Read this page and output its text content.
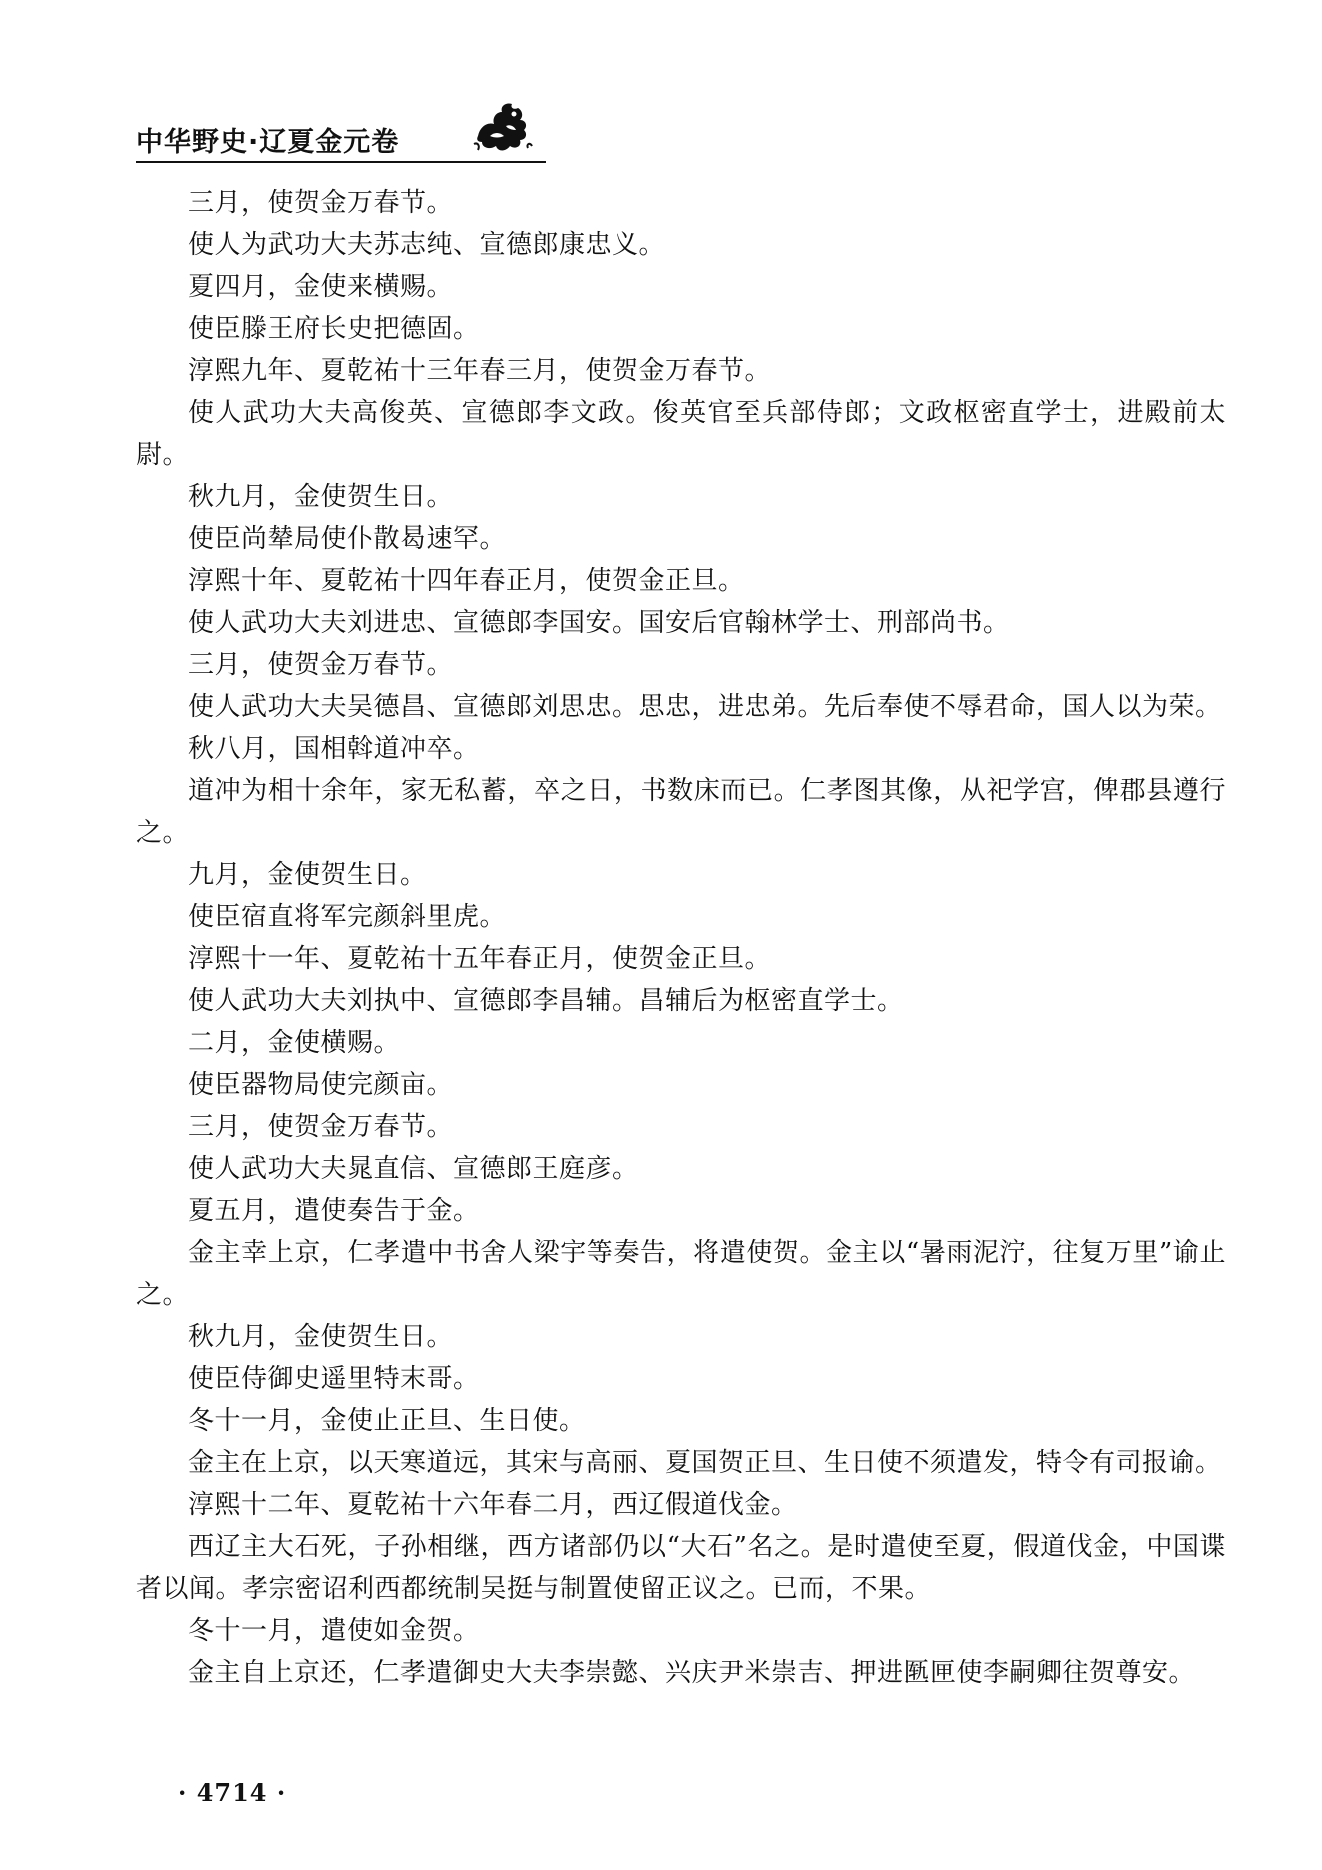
中华野史·辽夏金元卷

三月，使贺金万春节。

使人为武功大夫苏志纯、宣德郎康忠义。

夏四月，金使来横赐。

使臣滕王府长史把德固。

淳熙九年、夏乾祐十三年春三月，使贺金万春节。

使人武功大夫高俊英、宣德郎李文政。俊英官至兵部侍郎；文政枢密直学士，进殿前太尉。

秋九月，金使贺生日。

使臣尚辇局使仆散曷速罕。

淳熙十年、夏乾祐十四年春正月，使贺金正旦。

使人武功大夫刘进忠、宣德郎李国安。国安后官翰林学士、刑部尚书。

三月，使贺金万春节。

使人武功大夫吴德昌、宣德郎刘思忠。思忠，进忠弟。先后奉使不辱君命，国人以为荣。

秋八月，国相斡道冲卒。

道冲为相十余年，家无私蓄，卒之日，书数床而已。仁孝图其像，从祀学宫，俾郡县遵行之。

九月，金使贺生日。

使臣宿直将军完颜斜里虎。

淳熙十一年、夏乾祐十五年春正月，使贺金正旦。

使人武功大夫刘执中、宣德郎李昌辅。昌辅后为枢密直学士。

二月，金使横赐。

使臣器物局使完颜亩。

三月，使贺金万春节。

使人武功大夫晁直信、宣德郎王庭彦。

夏五月，遣使奏告于金。

金主幸上京，仁孝遣中书舍人梁宇等奏告，将遣使贺。金主以“暑雨泥泞，往复万里”谕止之。

秋九月，金使贺生日。

使臣侍御史遥里特末哥。

冬十一月，金使止正旦、生日使。

金主在上京，以天寒道远，其宋与高丽、夏国贺正旦、生日使不须遣发，特令有司报谕。

淳熙十二年、夏乾祐十六年春二月，西辽假道伐金。

西辽主大石死，子孙相继，西方诸部仍以“大石”名之。是时遣使至夏，假道伐金，中国谍者以闻。孝宗密诏利西都统制吴挺与制置使留正议之。已而，不果。

冬十一月，遣使如金贺。

金主自上京还，仁孝遣御史大夫李崇懿、兴庆尹米崇吉、押进匦匣使李嗣卿往贺尊安。

· 4714 ·
